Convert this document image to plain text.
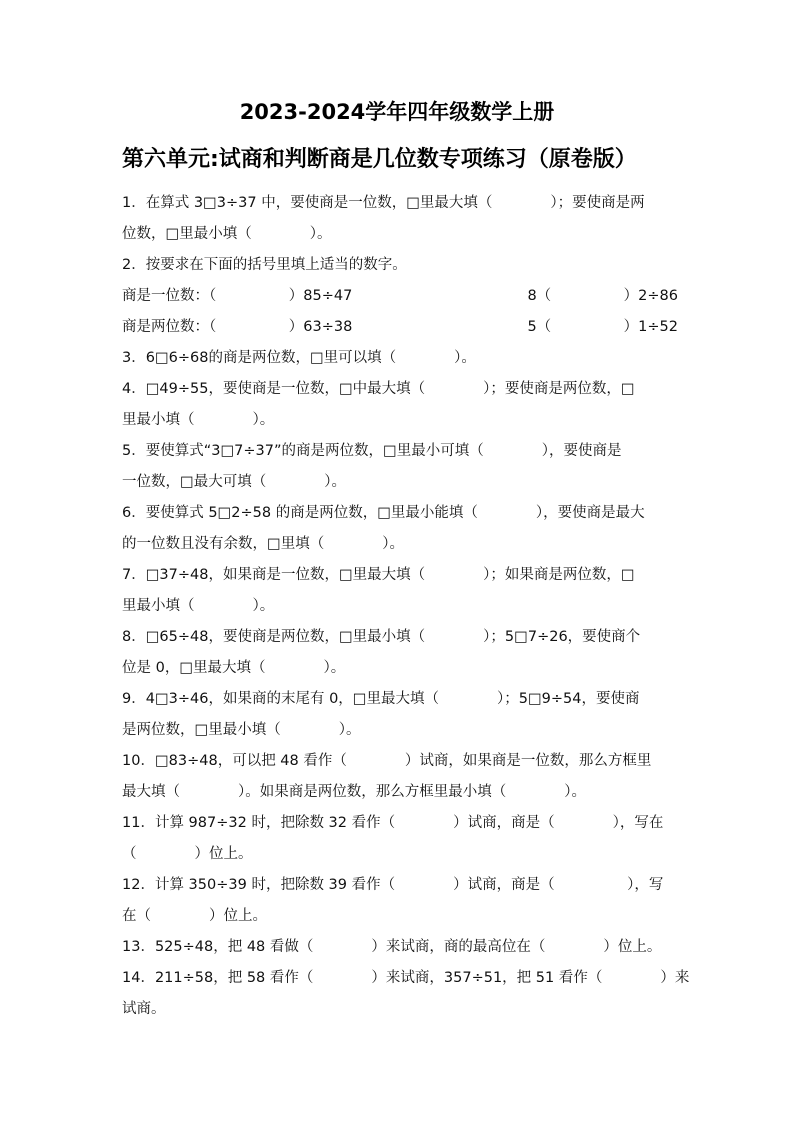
2023-2024学年四年级数学上册
第六单元:试商和判断商是几位数专项练习（原卷版）
1．在算式 3□3÷37 中，要使商是一位数，□里最大填（　　　　）；要使商是两
位数，□里最小填（　　　　）。
2．按要求在下面的括号里填上适当的数字。
商是一位数：（　　　　　）85÷47	8（　　　　　）2÷86
商是两位数：（　　　　　）63÷38	5（　　　　　）1÷52
3．6□6÷68的商是两位数，□里可以填（　　　　）。
4．□49÷55，要使商是一位数，□中最大填（　　　　）；要使商是两位数，□
里最小填（　　　　）。
5．要使算式“3□7÷37”的商是两位数，□里最小可填（　　　　），要使商是
一位数，□最大可填（　　　　）。
6．要使算式 5□2÷58 的商是两位数，□里最小能填（　　　　），要使商是最大
的一位数且没有余数，□里填（　　　　）。
7．□37÷48，如果商是一位数，□里最大填（　　　　）；如果商是两位数，□
里最小填（　　　　）。
8．□65÷48，要使商是两位数，□里最小填（　　　　）；5□7÷26，要使商个
位是 0，□里最大填（　　　　）。
9．4□3÷46，如果商的末尾有 0，□里最大填（　　　　）；5□9÷54，要使商
是两位数，□里最小填（　　　　）。
10．□83÷48，可以把 48 看作（　　　　）试商，如果商是一位数，那么方框里
最大填（　　　　）。如果商是两位数，那么方框里最小填（　　　　）。
11．计算 987÷32 时，把除数 32 看作（　　　　）试商，商是（　　　　），写在
（　　　　）位上。
12．计算 350÷39 时，把除数 39 看作（　　　　）试商，商是（　　　　　），写
在（　　　　）位上。
13．525÷48，把 48 看做（　　　　）来试商，商的最高位在（　　　　）位上。
14．211÷58，把 58 看作（　　　　）来试商，357÷51，把 51 看作（　　　　）来
试商。
